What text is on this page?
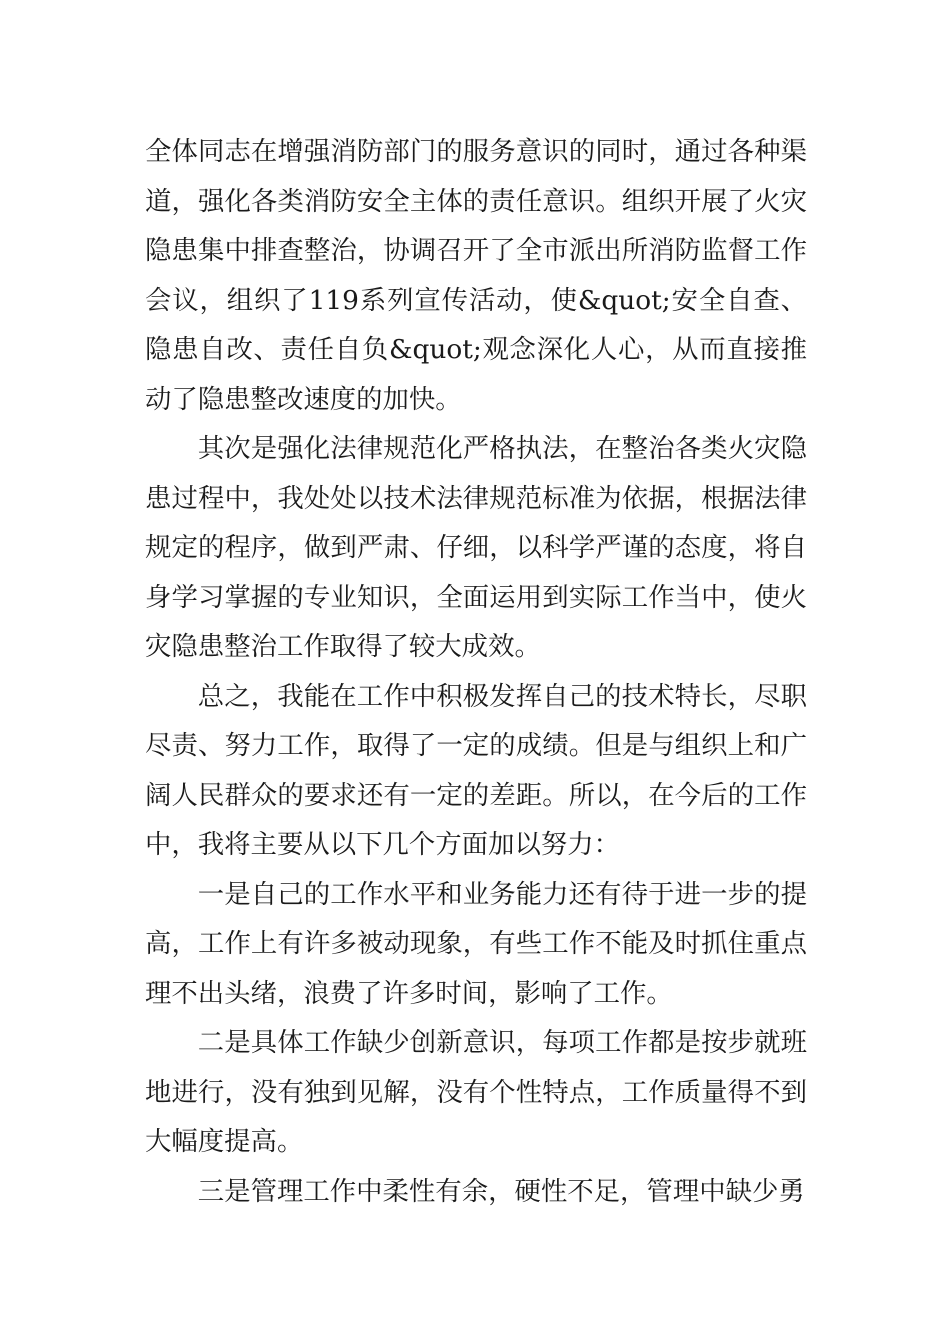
全体同志在增强消防部门的服务意识的同时，通过各种渠道，强化各类消防安全主体的责任意识。组织开展了火灾隐患集中排查整治，协调召开了全市派出所消防监督工作会议，组织了119系列宣传活动，使&quot;安全自查、隐患自改、责任自负&quot;观念深化人心，从而直接推动了隐患整改速度的加快。

其次是强化法律规范化严格执法，在整治各类火灾隐患过程中，我处处以技术法律规范标准为依据，根据法律规定的程序，做到严肃、仔细，以科学严谨的态度，将自身学习掌握的专业知识，全面运用到实际工作当中，使火灾隐患整治工作取得了较大成效。

总之，我能在工作中积极发挥自己的技术特长，尽职尽责、努力工作，取得了一定的成绩。但是与组织上和广阔人民群众的要求还有一定的差距。所以，在今后的工作中，我将主要从以下几个方面加以努力：

一是自己的工作水平和业务能力还有待于进一步的提高，工作上有许多被动现象，有些工作不能及时抓住重点理不出头绪，浪费了许多时间，影响了工作。

二是具体工作缺少创新意识，每项工作都是按步就班地进行，没有独到见解，没有个性特点，工作质量得不到大幅度提高。

三是管理工作中柔性有余，硬性不足，管理中缺少勇
